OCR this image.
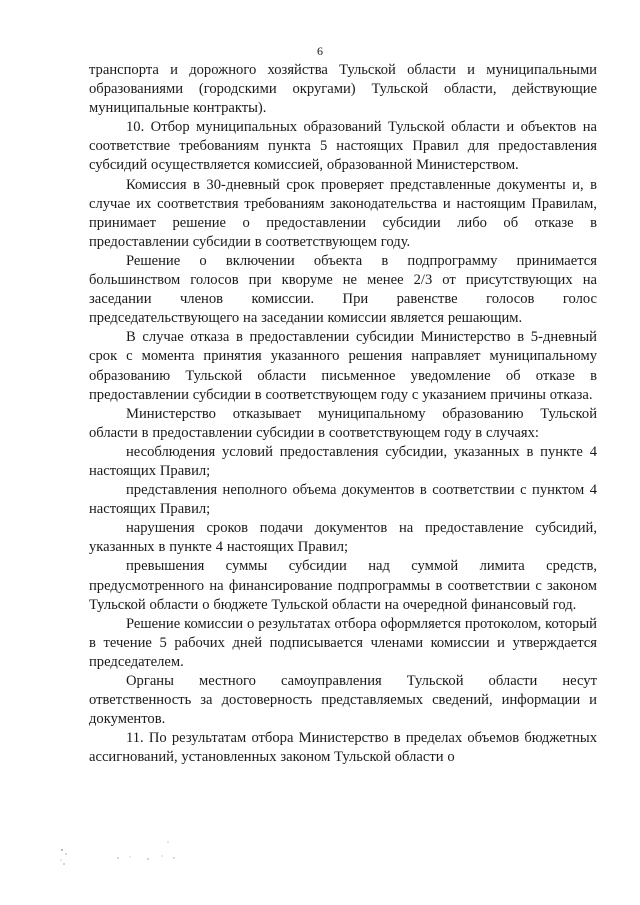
6

транспорта и дорожного хозяйства Тульской области и муниципальными образованиями (городскими округами) Тульской области, действующие муниципальные контракты).

10. Отбор муниципальных образований Тульской области и объектов на соответствие требованиям пункта 5 настоящих Правил для предоставления субсидий осуществляется комиссией, образованной Министерством.

Комиссия в 30-дневный срок проверяет представленные документы и, в случае их соответствия требованиям законодательства и настоящим Правилам, принимает решение о предоставлении субсидии либо об отказе в предоставлении субсидии в соответствующем году.

Решение о включении объекта в подпрограмму принимается большинством голосов при кворуме не менее 2/3 от присутствующих на заседании членов комиссии. При равенстве голосов голос председательствующего на заседании комиссии является решающим.

В случае отказа в предоставлении субсидии Министерство в 5-дневный срок с момента принятия указанного решения направляет муниципальному образованию Тульской области письменное уведомление об отказе в предоставлении субсидии в соответствующем году с указанием причины отказа.

Министерство отказывает муниципальному образованию Тульской области в предоставлении субсидии в соответствующем году в случаях:

несоблюдения условий предоставления субсидии, указанных в пункте 4 настоящих Правил;

представления неполного объема документов в соответствии с пунктом 4 настоящих Правил;

нарушения сроков подачи документов на предоставление субсидий, указанных в пункте 4 настоящих Правил;

превышения суммы субсидии над суммой лимита средств, предусмотренного на финансирование подпрограммы в соответствии с законом Тульской области о бюджете Тульской области на очередной финансовый год.

Решение комиссии о результатах отбора оформляется протоколом, который в течение 5 рабочих дней подписывается членами комиссии и утверждается председателем.

Органы местного самоуправления Тульской области несут ответственность за достоверность представляемых сведений, информации и документов.

11. По результатам отбора Министерство в пределах объемов бюджетных ассигнований, установленных законом Тульской области о
